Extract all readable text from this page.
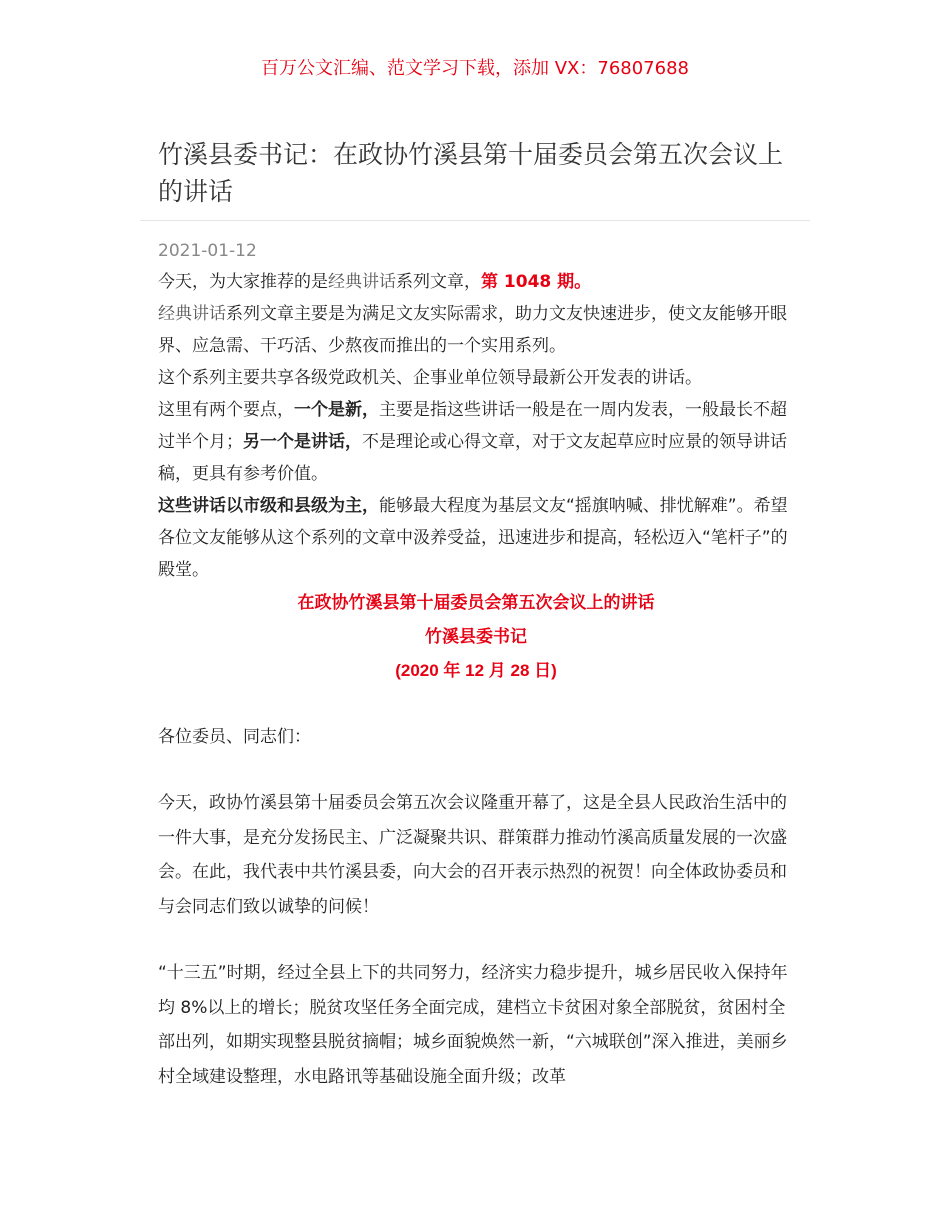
百万公文汇编、范文学习下载，添加 VX：76807688
竹溪县委书记：在政协竹溪县第十届委员会第五次会议上的讲话
2021-01-12

今天，为大家推荐的是经典讲话系列文章，第 1048 期。

经典讲话系列文章主要是为满足文友实际需求，助力文友快速进步，使文友能够开眼界、应急需、干巧活、少熬夜而推出的一个实用系列。

这个系列主要共享各级党政机关、企事业单位领导最新公开发表的讲话。

这里有两个要点，一个是新，主要是指这些讲话一般是在一周内发表，一般最长不超过半个月；另一个是讲话，不是理论或心得文章，对于文友起草应时应景的领导讲话稿，更具有参考价值。

这些讲话以市级和县级为主，能够最大程度为基层文友“摇旗呐喊、排忧解难”。希望各位文友能够从这个系列的文章中汲养受益，迅速进步和提高，轻松迈入“笔杆子”的殿堂。

在政协竹溪县第十届委员会第五次会议上的讲话

竹溪县委书记

(2020 年 12 月 28 日)

各位委员、同志们：

今天，政协竹溪县第十届委员会第五次会议隆重开幕了，这是全县人民政治生活中的一件大事，是充分发扬民主、广泛凝聚共识、群策群力推动竹溪高质量发展的一次盛会。在此，我代表中共竹溪县委，向大会的召开表示热烈的祝贺！向全体政协委员和与会同志们致以诚挚的问候！

“十三五”时期，经过全县上下的共同努力，经济实力稳步提升，城乡居民收入保持年均 8%以上的增长；脱贫攻坚任务全面完成，建档立卡贫困对象全部脱贫，贫困村全部出列，如期实现整县脱贫摘帽；城乡面貌焕然一新，“六城联创”深入推进，美丽乡村全域建设整理，水电路讯等基础设施全面升级；改革
